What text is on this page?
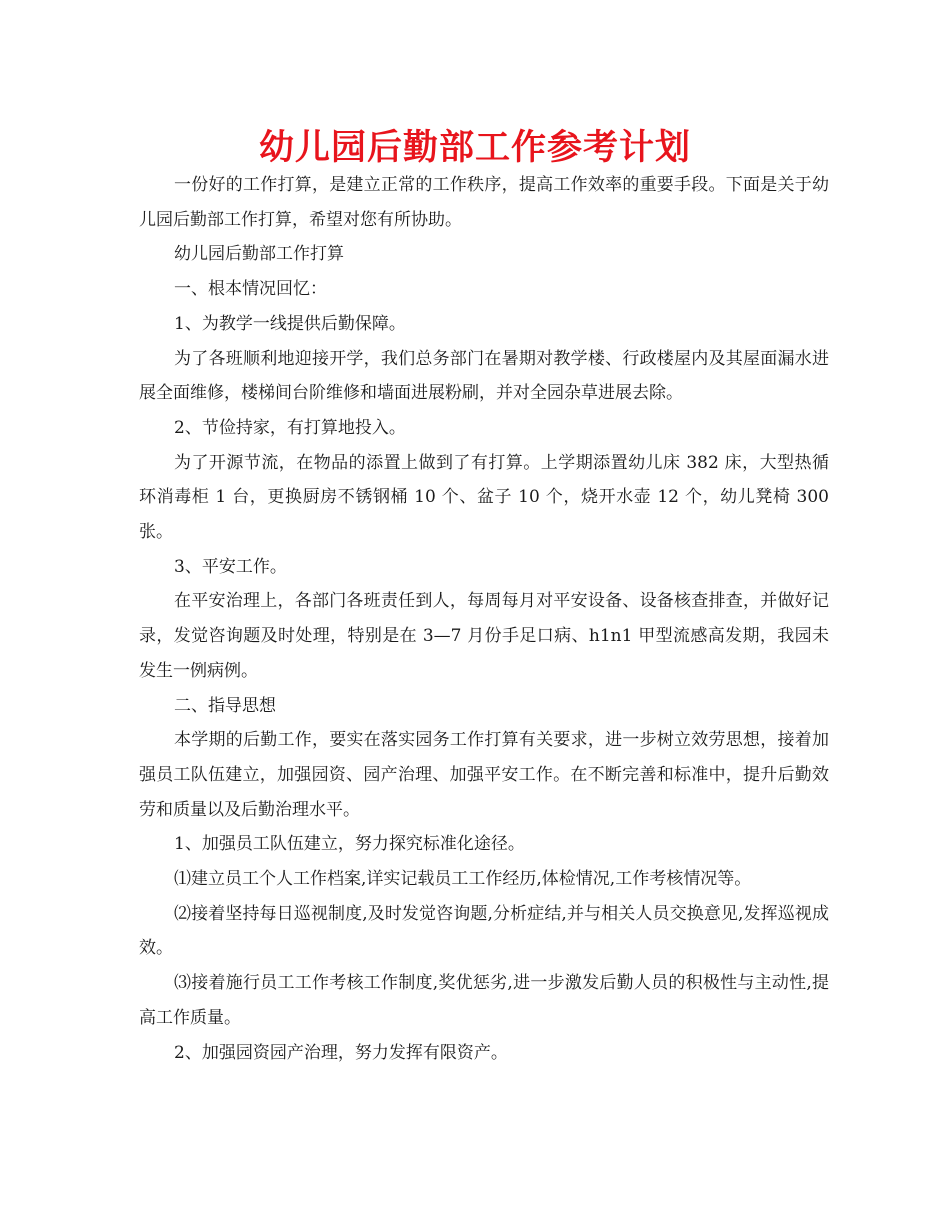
幼儿园后勤部工作参考计划

一份好的工作打算，是建立正常的工作秩序，提高工作效率的重要手段。下面是关于幼儿园后勤部工作打算，希望对您有所协助。

幼儿园后勤部工作打算

一、根本情况回忆：

1、为教学一线提供后勤保障。

为了各班顺利地迎接开学，我们总务部门在暑期对教学楼、行政楼屋内及其屋面漏水进展全面维修，楼梯间台阶维修和墙面进展粉刷，并对全园杂草进展去除。

2、节俭持家，有打算地投入。

为了开源节流，在物品的添置上做到了有打算。上学期添置幼儿床 382 床，大型热循环消毒柜 1 台，更换厨房不锈钢桶 10 个、盆子 10 个，烧开水壶 12 个，幼儿凳椅 300 张。

3、平安工作。

在平安治理上，各部门各班责任到人，每周每月对平安设备、设备核查排查，并做好记录，发觉咨询题及时处理，特别是在 3—7 月份手足口病、h1n1 甲型流感高发期，我园未发生一例病例。

二、指导思想

本学期的后勤工作，要实在落实园务工作打算有关要求，进一步树立效劳思想，接着加强员工队伍建立，加强园资、园产治理、加强平安工作。在不断完善和标准中，提升后勤效劳和质量以及后勤治理水平。

1、加强员工队伍建立，努力探究标准化途径。

⑴建立员工个人工作档案,详实记载员工工作经历,体检情况,工作考核情况等。

⑵接着坚持每日巡视制度,及时发觉咨询题,分析症结,并与相关人员交换意见,发挥巡视成效。

⑶接着施行员工工作考核工作制度,奖优惩劣,进一步激发后勤人员的积极性与主动性,提高工作质量。

2、加强园资园产治理，努力发挥有限资产。
